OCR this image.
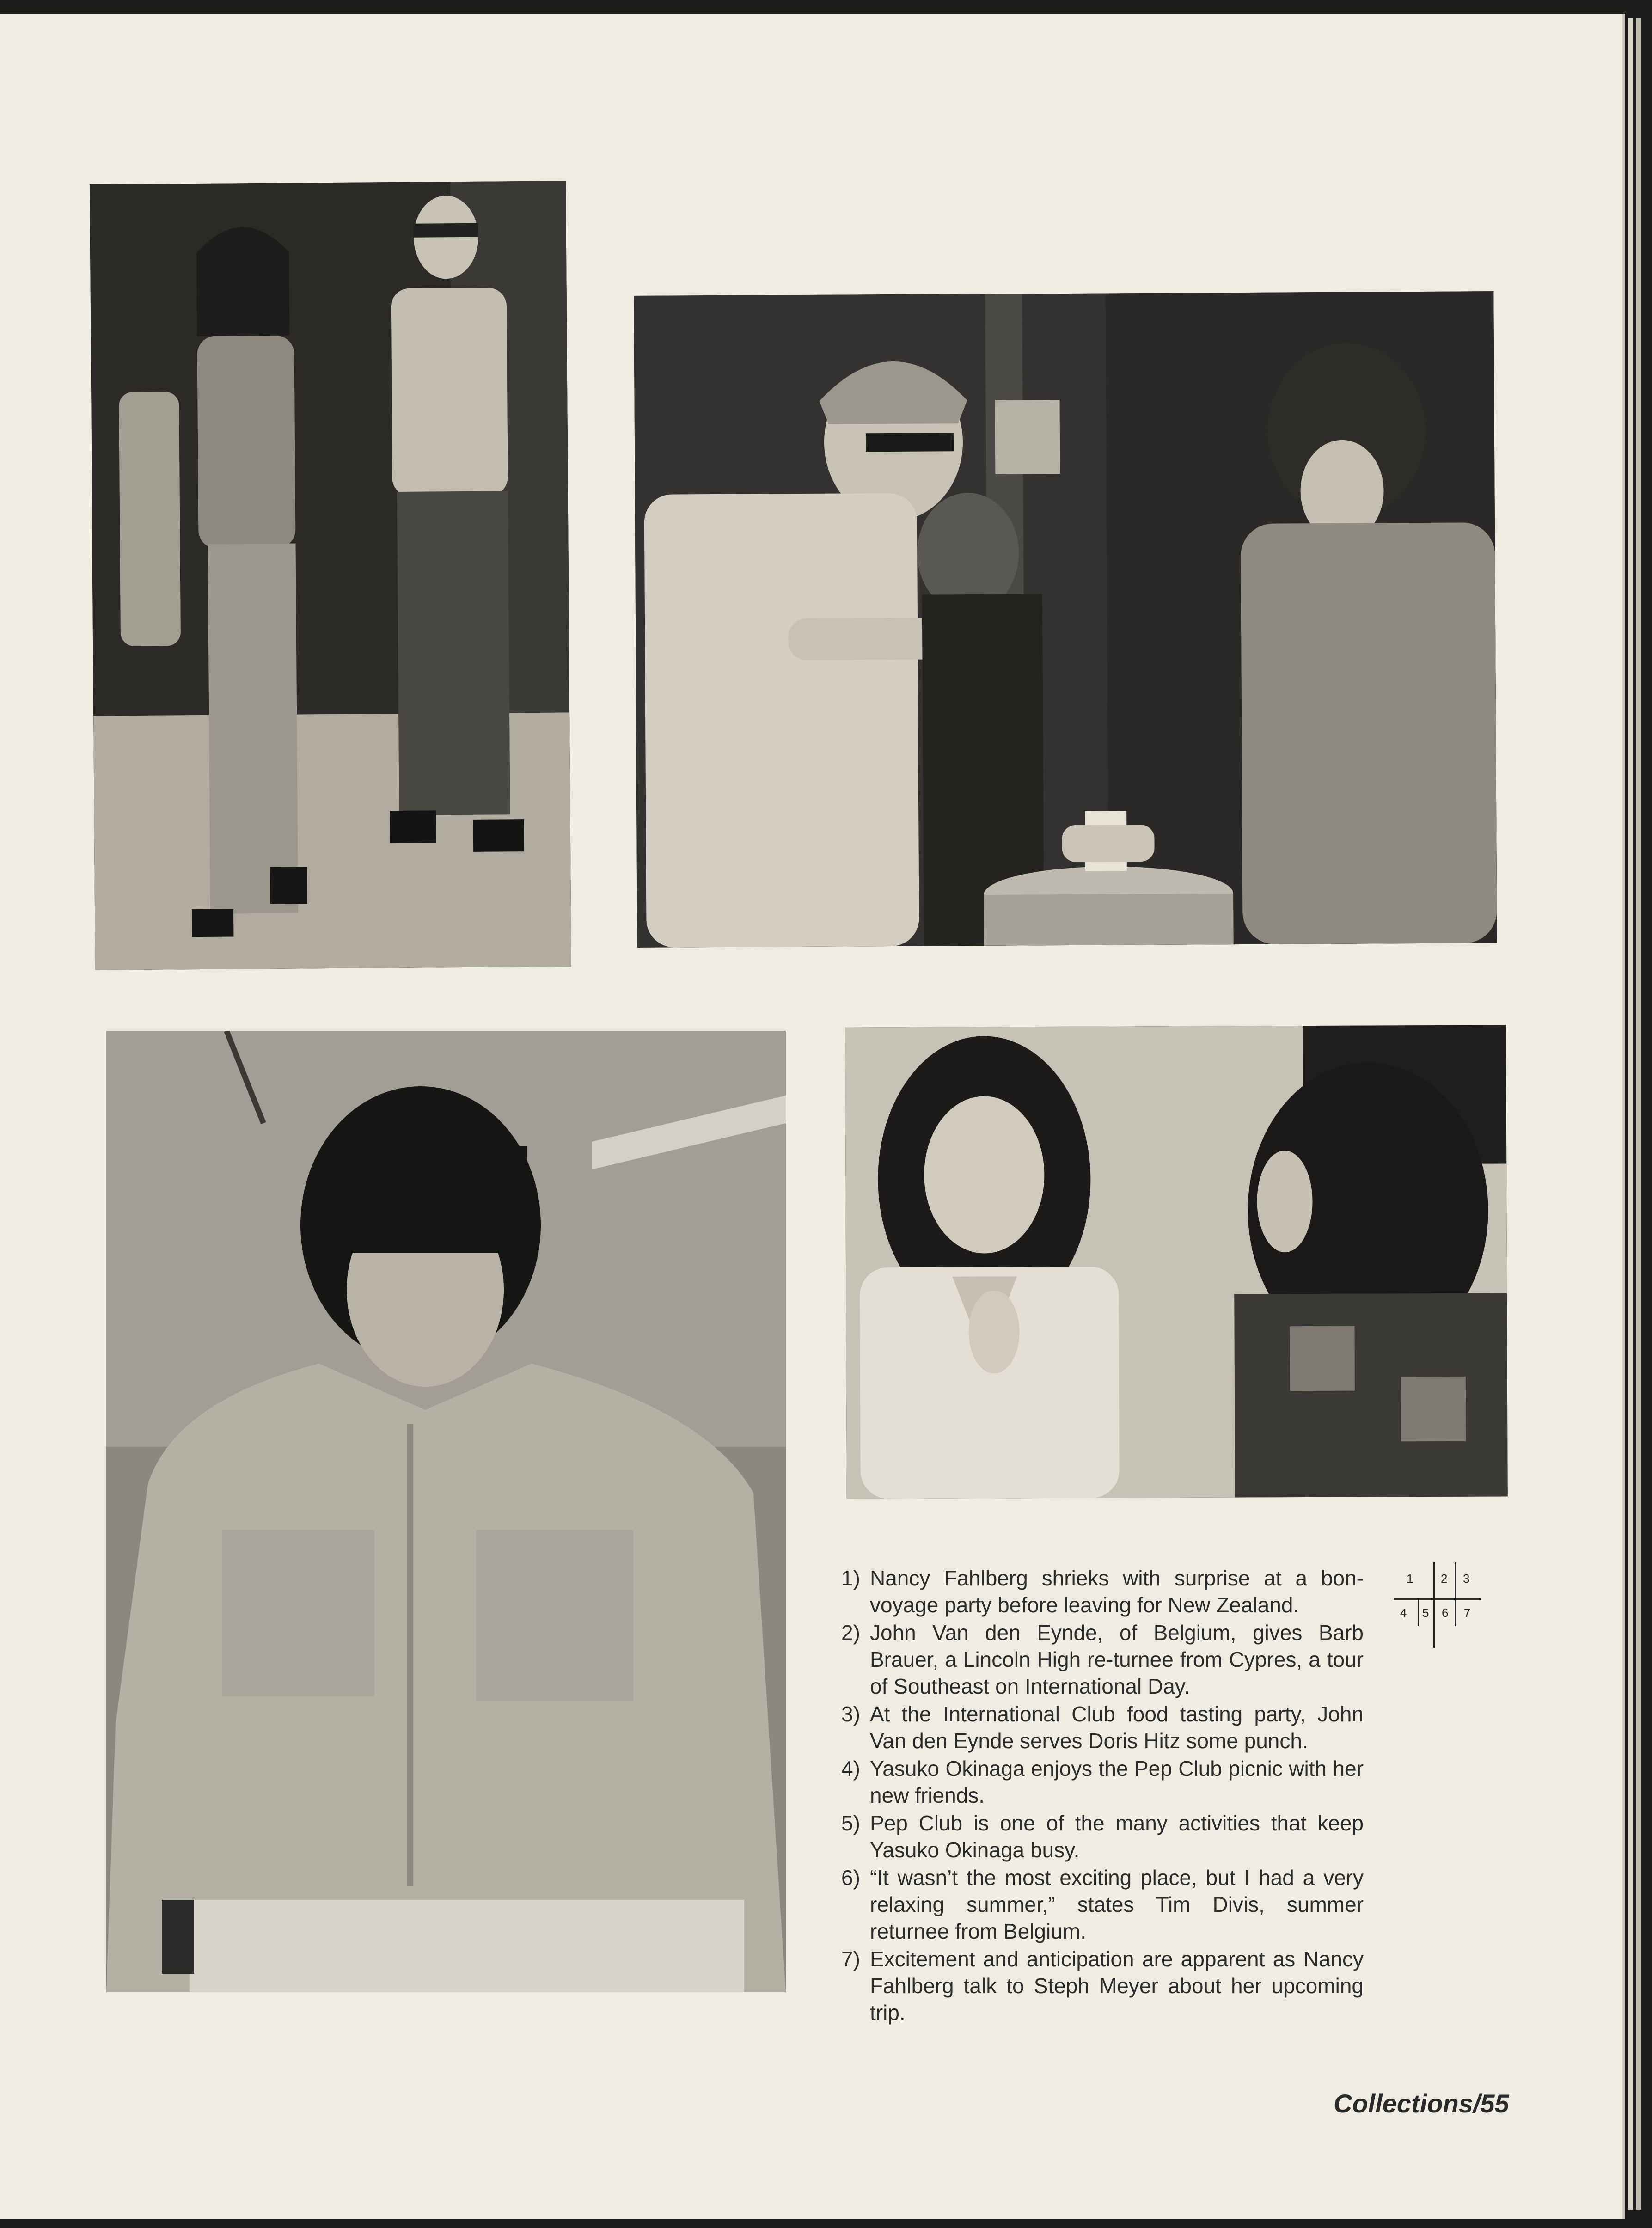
1) Nancy Fahlberg shrieks with surprise at a bon-voyage party before leaving for New Zealand.
2) John Van den Eynde, of Belgium, gives Barb Brauer, a Lincoln High re-turnee from Cypres, a tour of Southeast on International Day.
3) At the International Club food tasting party, John Van den Eynde serves Doris Hitz some punch.
4) Yasuko Okinaga enjoys the Pep Club picnic with her new friends.
5) Pep Club is one of the many activities that keep Yasuko Okinaga busy.
6) “It wasn’t the most exciting place, but I had a very relaxing summer,” states Tim Divis, summer returnee from Belgium.
7) Excitement and anticipation are apparent as Nancy Fahlberg talk to Steph Meyer about her upcoming trip.
1 2 3
4 5 6 7
Collections/55
